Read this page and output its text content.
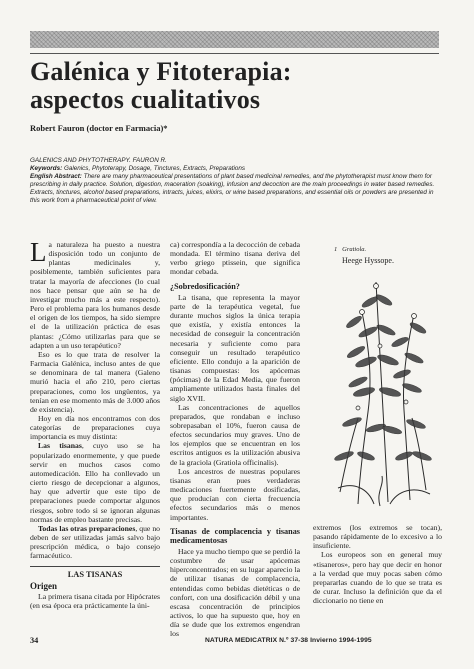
Galénica y Fitoterapia:
aspectos cualitativos
Robert Fauron (doctor en Farmacia)*
GALENICS AND PHYTOTHERAPY. FAURON R.

Keywords: Galenics, Phytoterapy, Dosage, Tinctures, Extracts, Preparations

English Abstract: There are many pharmaceutical presentations of plant based medicinal remedies, and the phytotherapist must know them for prescribing in daily practice. Solution, digestion, maceration (soaking), infusion and decoction are the main proceedings in water based remedies. Extracts, tinctures, alcohol based preparations, intracts, juices, elixirs, or wine based preparations, and essential oils or powders are presented in this work from a pharmaceutical point of view.

La naturaleza ha puesto a nuestra disposición todo un conjunto de plantas medicinales y, posiblemente, también suficientes para tratar la mayoría de afecciones (lo cual nos hace pensar que aún se ha de investigar mucho más a este respecto). Pero el problema para los humanos desde el origen de los tiempos, ha sido siempre el de la utilización práctica de esas plantas: ¿Cómo utilizarlas para que se adapten a un uso terapéutico?

Eso es lo que trata de resolver la Farmacia Galénica, incluso antes de que se denominara de tal manera (Galeno murió hacia el año 210, pero ciertas preparaciones, como los ungüentos, ya tenían en ese momento más de 3.000 años de existencia).

Hoy en día nos encontramos con dos categorías de preparaciones cuya importancia es muy distinta:

Las tisanas, cuyo uso se ha popularizado enormemente, y que puede servir en muchos casos como automedicación. Ello ha conllevado un cierto riesgo de decepcionar a algunos, hay que advertir que este tipo de preparaciones puede comportar algunos riesgos, sobre todo si se ignoran algunas normas de empleo bastante precisas.

Todas las otras preparaciones, que no deben de ser utilizadas jamás salvo bajo prescripción médica, o bajo consejo farmacéutico.

LAS TISANAS
Origen

La primera tisana citada por Hipócrates (en esa época era prácticamente la úni-

ca) correspondía a la decocción de cebada mondada. El término tisana deriva del verbo griego ptissein, que significa mondar cebada.

¿Sobredosificación?

La tisana, que representa la mayor parte de la terapéutica vegetal, fue durante muchos siglos la única terapia que existía, y existía entonces la necesidad de conseguir la concentración necesaria y suficiente como para conseguir un resultado terapéutico eficiente. Ello condujo a la aparición de tisanas compuestas: los apócemas (pócimas) de la Edad Media, que fueron ampliamente utilizados hasta finales del siglo XVII.

Las concentraciones de aquellos preparados, que rondaban e incluso sobrepasaban el 10%, fueron causa de efectos secundarios muy graves. Uno de los ejemplos que se encuentran en los escritos antiguos es la utilización abusiva de la graciola (Gratiola officinalis).

Los ancestros de nuestras populares tisanas eran pues verdaderas medicaciones fuertemente dosificadas, que producían con cierta frecuencia efectos secundarios más o menos importantes.

Tisanas de complacencia y tisanas medicamentosas

Hace ya mucho tiempo que se perdió la costumbre de usar apócemas hiperconcentrados; en su lugar aparecio la de utilizar tisanas de complacencia, entendidas como bebidas dietéticas o de confort, con una dosificación débil y una escasa concentración de principios activos, lo que ha supuesto que, hoy en día se dude que los extremos engendran los

1 Gratiola.
Heege Hyssope.

extremos (los extremos se tocan), pasando rápidamente de lo excesivo a lo insuficiente.

Los europeos son en general muy «tisaneros», pero hay que decir en honor a la verdad que muy pocas saben cómo prepararlas cuando de lo que se trata es de curar. Incluso la definición que da el diccionario no tiene en

34	NATURA MEDICATRIX N.º 37-38 Invierno 1994-1995
